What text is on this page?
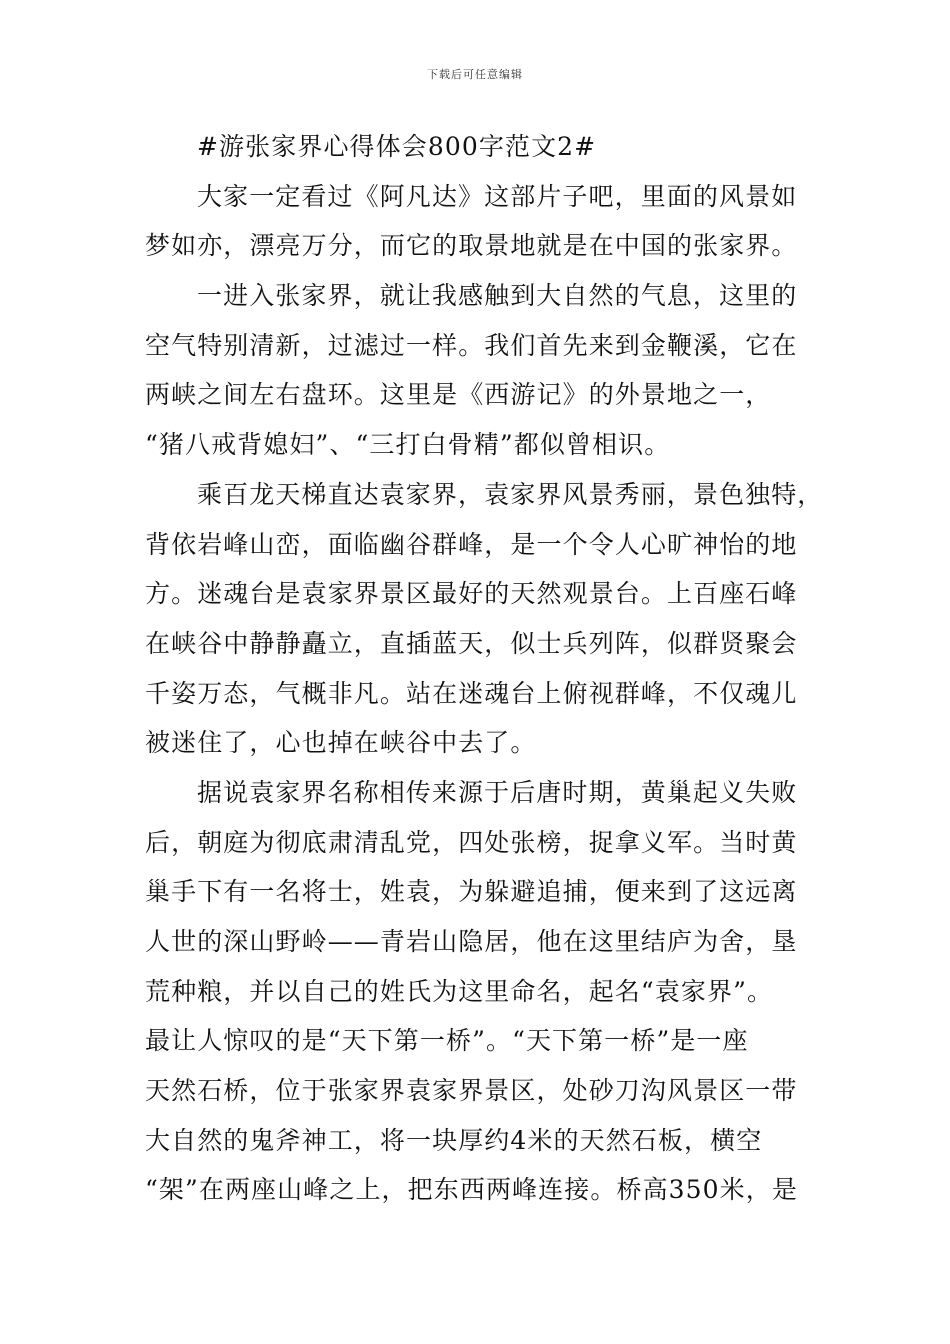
下载后可任意编辑
#游张家界心得体会800字范文2#
大家一定看过《阿凡达》这部片子吧，里面的风景如
梦如亦，漂亮万分，而它的取景地就是在中国的张家界。
一进入张家界，就让我感触到大自然的气息，这里的
空气特别清新，过滤过一样。我们首先来到金鞭溪，它在
两峡之间左右盘环。这里是《西游记》的外景地之一，
“猪八戒背媳妇”、“三打白骨精”都似曾相识。
乘百龙天梯直达袁家界，袁家界风景秀丽，景色独特，
背依岩峰山峦，面临幽谷群峰，是一个令人心旷神怡的地
方。迷魂台是袁家界景区最好的天然观景台。上百座石峰
在峡谷中静静矗立，直插蓝天，似士兵列阵，似群贤聚会
千姿万态，气概非凡。站在迷魂台上俯视群峰，不仅魂儿
被迷住了，心也掉在峡谷中去了。
据说袁家界名称相传来源于后唐时期，黄巢起义失败
后，朝庭为彻底肃清乱党，四处张榜，捉拿义军。当时黄
巢手下有一名将士，姓袁，为躲避追捕，便来到了这远离
人世的深山野岭——青岩山隐居，他在这里结庐为舍，垦
荒种粮，并以自己的姓氏为这里命名，起名“袁家界”。
最让人惊叹的是“天下第一桥”。“天下第一桥”是一座
天然石桥，位于张家界袁家界景区，处砂刀沟风景区一带
大自然的鬼斧神工，将一块厚约4米的天然石板，横空
“架”在两座山峰之上，把东西两峰连接。桥高350米，是
